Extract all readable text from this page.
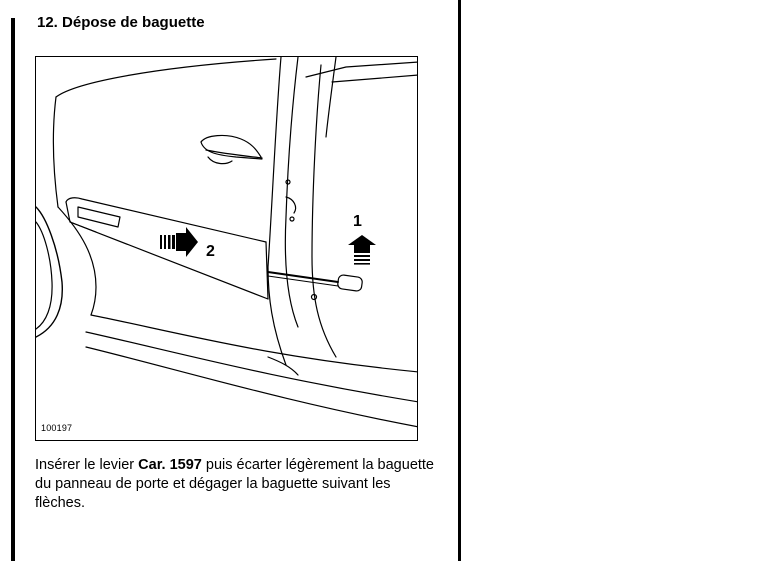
12. Dépose de baguette
1
2
100197
Insérer le levier Car. 1597 puis écarter légèrement la baguette du panneau de porte et dégager la baguette suivant les flèches.
